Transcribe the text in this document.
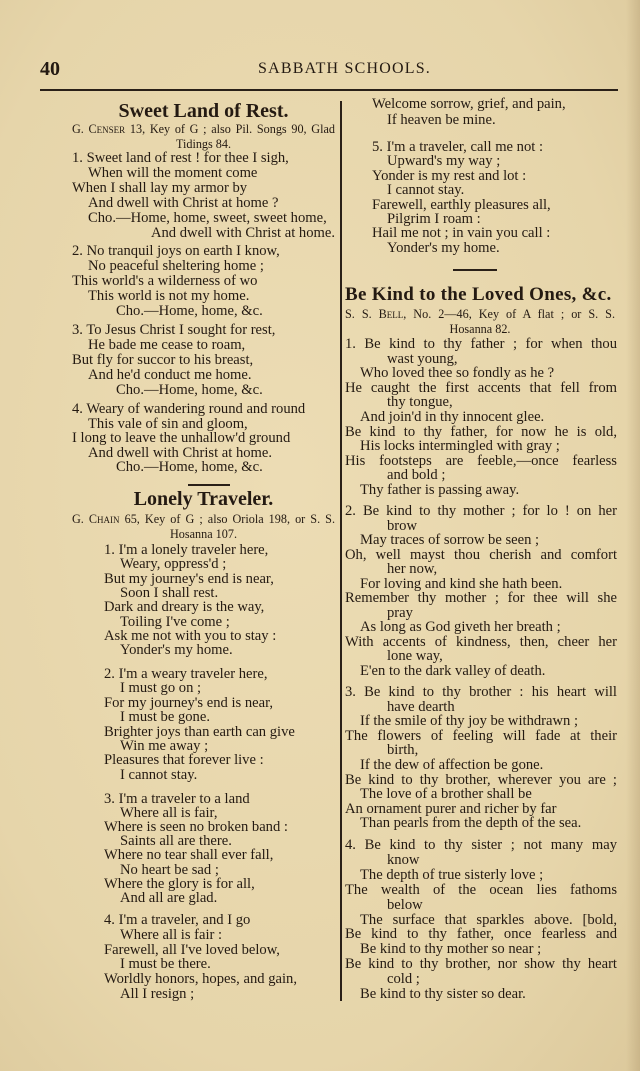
40	SABBATH SCHOOLS.
Sweet Land of Rest.
Lonely Traveler.
Be Kind to the Loved Ones, &c.
G. Censer 13, Key of G ; also Pil. Songs 90, Glad
Tidings 84.
G. Chain 65, Key of G ; also Oriola 198, or S. S.
Hosanna 107.
S. S. Bell, No. 2—46, Key of A flat ; or S. S.
Hosanna 82.
1. Sweet land of rest ! for thee I sigh,
When will the moment come
When I shall lay my armor by
And dwell with Christ at home ?
Cho.—Home, home, sweet, sweet home,
And dwell with Christ at home.
2. No tranquil joys on earth I know,
No peaceful sheltering home ;
This world's a wilderness of wo
This world is not my home.
Cho.—Home, home, &c.
3. To Jesus Christ I sought for rest,
He bade me cease to roam,
But fly for succor to his breast,
And he'd conduct me home.
Cho.—Home, home, &c.
4. Weary of wandering round and round
This vale of sin and gloom,
I long to leave the unhallow'd ground
And dwell with Christ at home.
Cho.—Home, home, &c.
1. I'm a lonely traveler here,
Weary, oppress'd ;
But my journey's end is near,
Soon I shall rest.
Dark and dreary is the way,
Toiling I've come ;
Ask me not with you to stay :
Yonder's my home.
2. I'm a weary traveler here,
I must go on ;
For my journey's end is near,
I must be gone.
Brighter joys than earth can give
Win me away ;
Pleasures that forever live :
I cannot stay.
3. I'm a traveler to a land
Where all is fair,
Where is seen no broken band :
Saints all are there.
Where no tear shall ever fall,
No heart be sad ;
Where the glory is for all,
And all are glad.
4. I'm a traveler, and I go
Where all is fair :
Farewell, all I've loved below,
I must be there.
Worldly honors, hopes, and gain,
All I resign ;
Welcome sorrow, grief, and pain,
If heaven be mine.
5. I'm a traveler, call me not :
Upward's my way ;
Yonder is my rest and lot :
I cannot stay.
Farewell, earthly pleasures all,
Pilgrim I roam :
Hail me not ; in vain you call :
Yonder's my home.
1. Be kind to thy father ; for when thou
wast young,
Who loved thee so fondly as he ?
He caught the first accents that fell from
thy tongue,
And join'd in thy innocent glee.
Be kind to thy father, for now he is old,
His locks intermingled with gray ;
His footsteps are feeble,—once fearless
and bold ;
Thy father is passing away.
2. Be kind to thy mother ; for lo ! on her
brow
May traces of sorrow be seen ;
Oh, well mayst thou cherish and comfort
her now,
For loving and kind she hath been.
Remember thy mother ; for thee will she
pray
As long as God giveth her breath ;
With accents of kindness, then, cheer her
lone way,
E'en to the dark valley of death.
3. Be kind to thy brother : his heart will
have dearth
If the smile of thy joy be withdrawn ;
The flowers of feeling will fade at their
birth,
If the dew of affection be gone.
Be kind to thy brother, wherever you are ;
The love of a brother shall be
An ornament purer and richer by far
Than pearls from the depth of the sea.
4. Be kind to thy sister ; not many may
know
The depth of true sisterly love ;
The wealth of the ocean lies fathoms
below
The surface that sparkles above. [bold,
Be kind to thy father, once fearless and
Be kind to thy mother so near ;
Be kind to thy brother, nor show thy heart
cold ;
Be kind to thy sister so dear.
